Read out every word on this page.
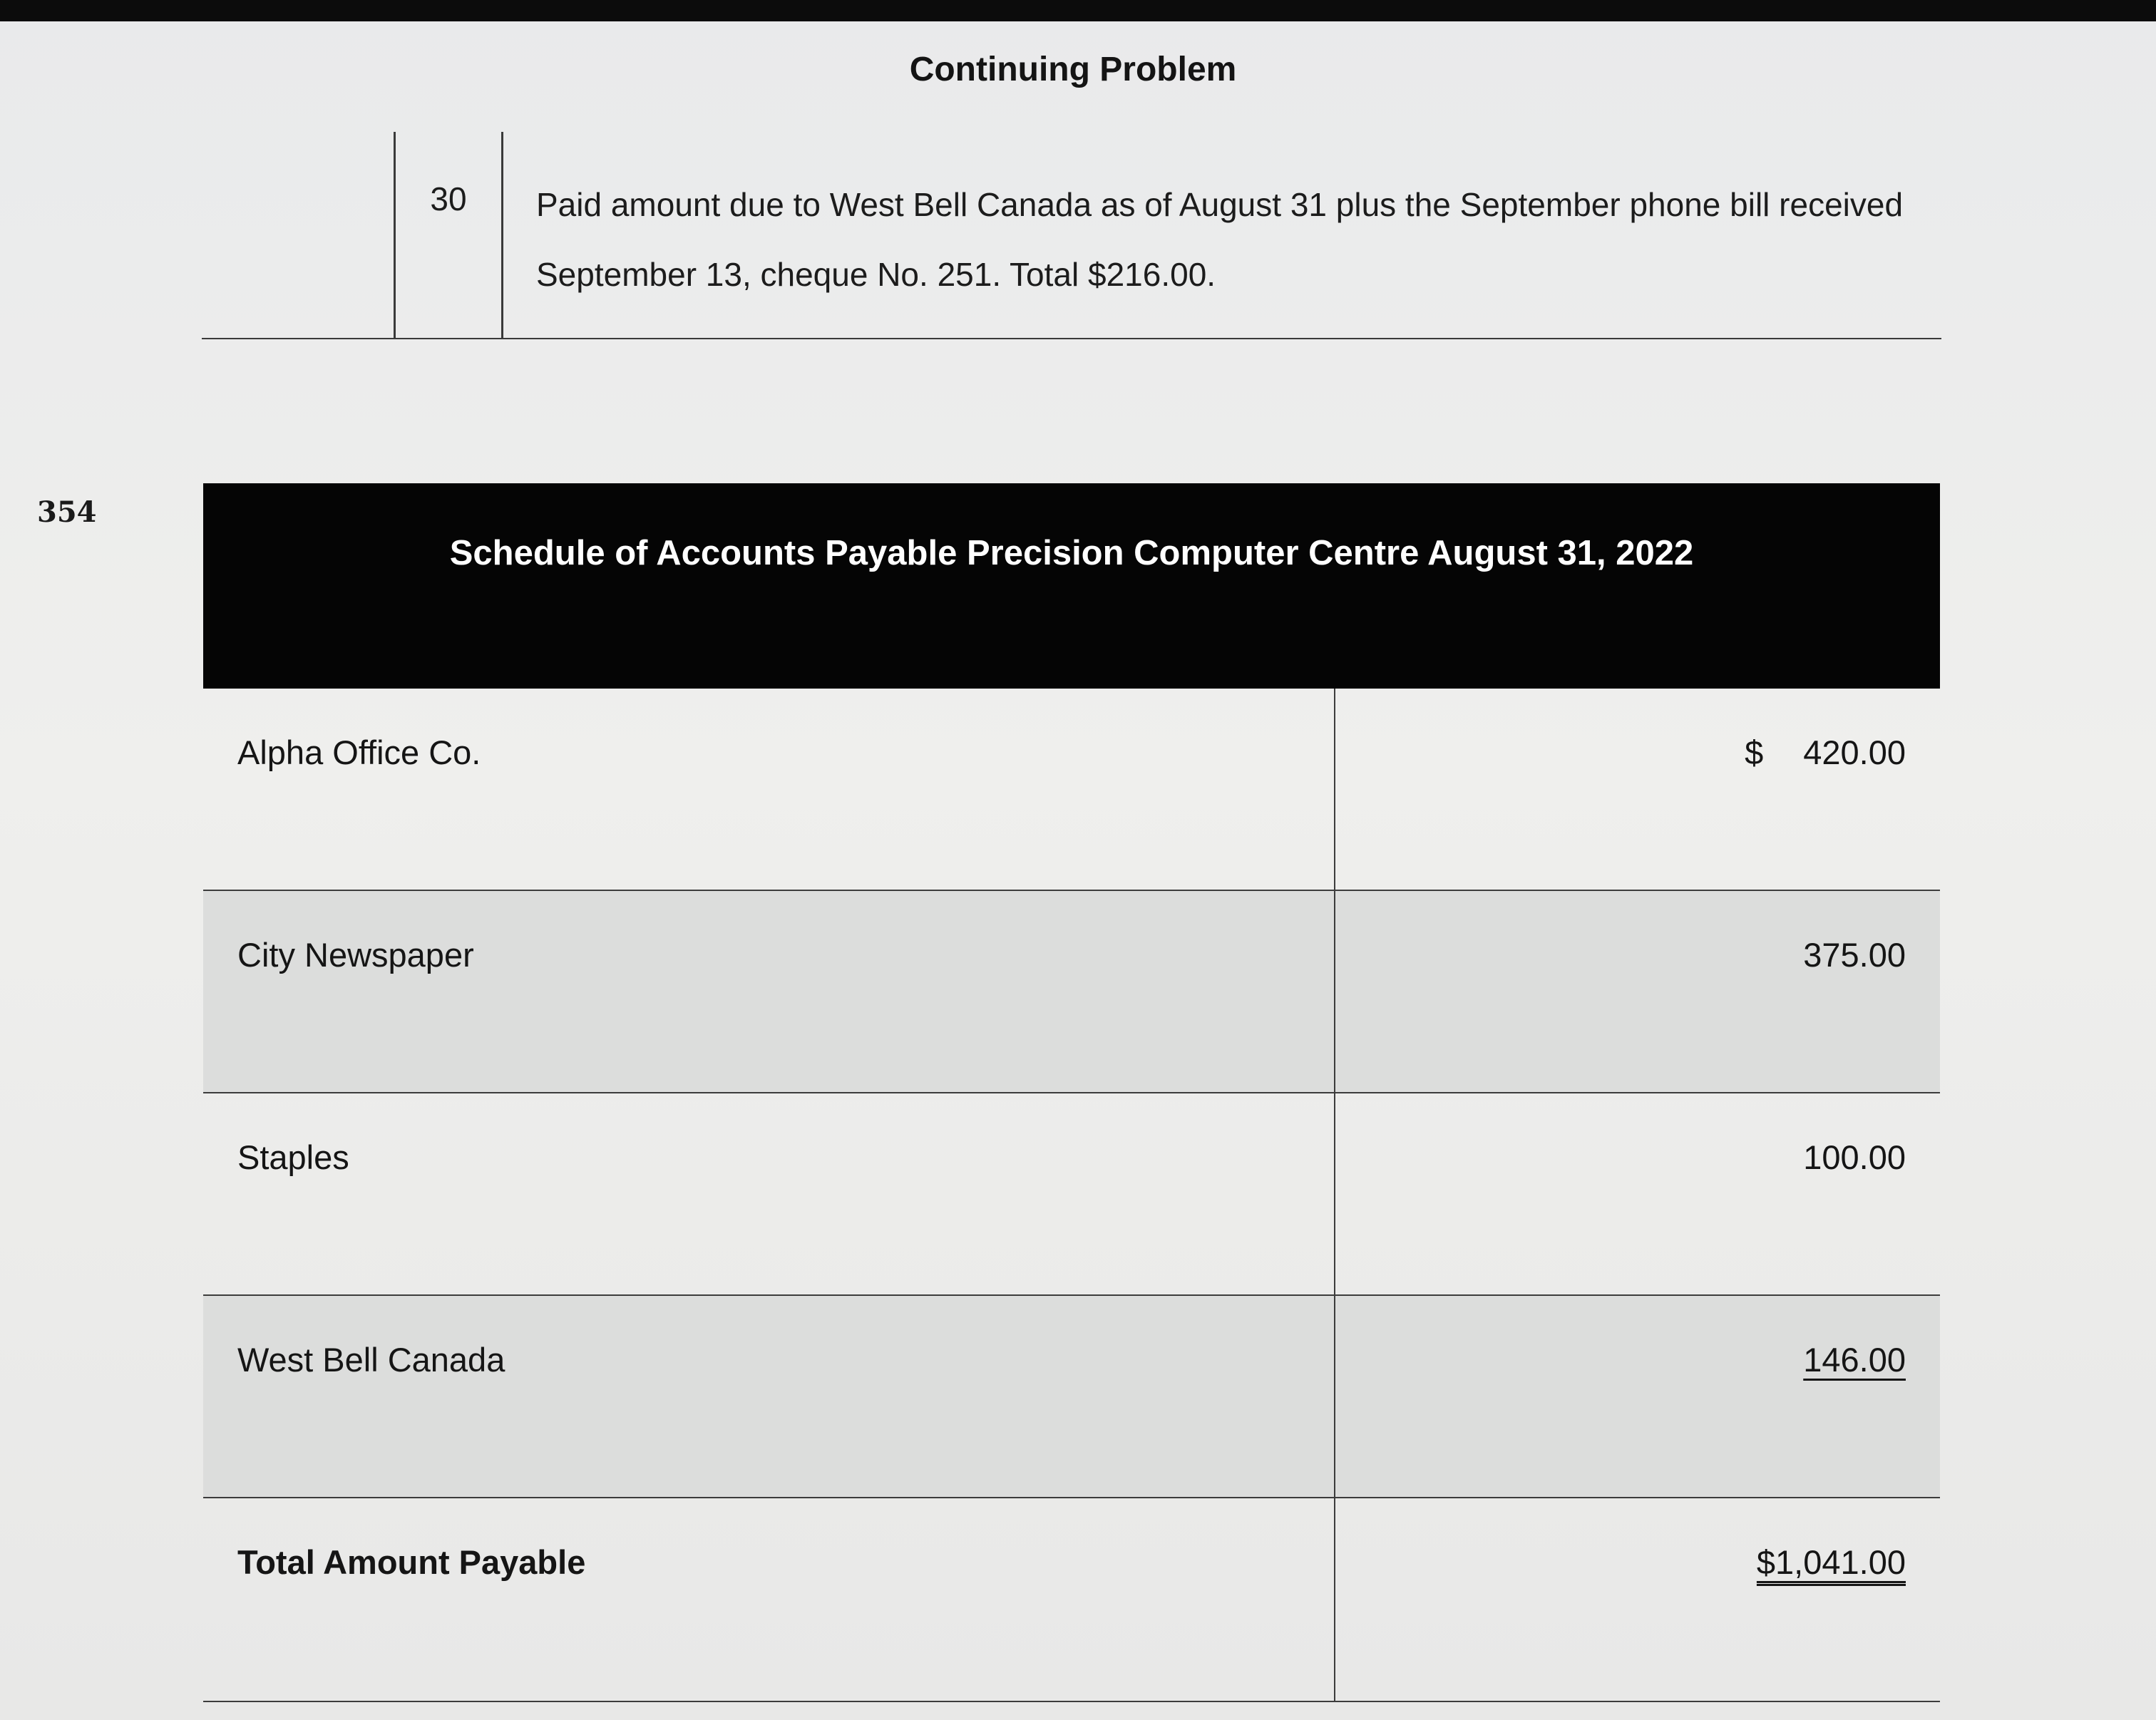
Continuing Problem
354
30	Paid amount due to West Bell Canada as of August 31 plus the September phone bill received September 13, cheque No. 251. Total $216.00.
Schedule of Accounts Payable Precision Computer Centre August 31, 2022
Alpha Office Co.	$ 420.00
City Newspaper	375.00
Staples	100.00
West Bell Canada	146.00
Total Amount Payable	$1,041.00
